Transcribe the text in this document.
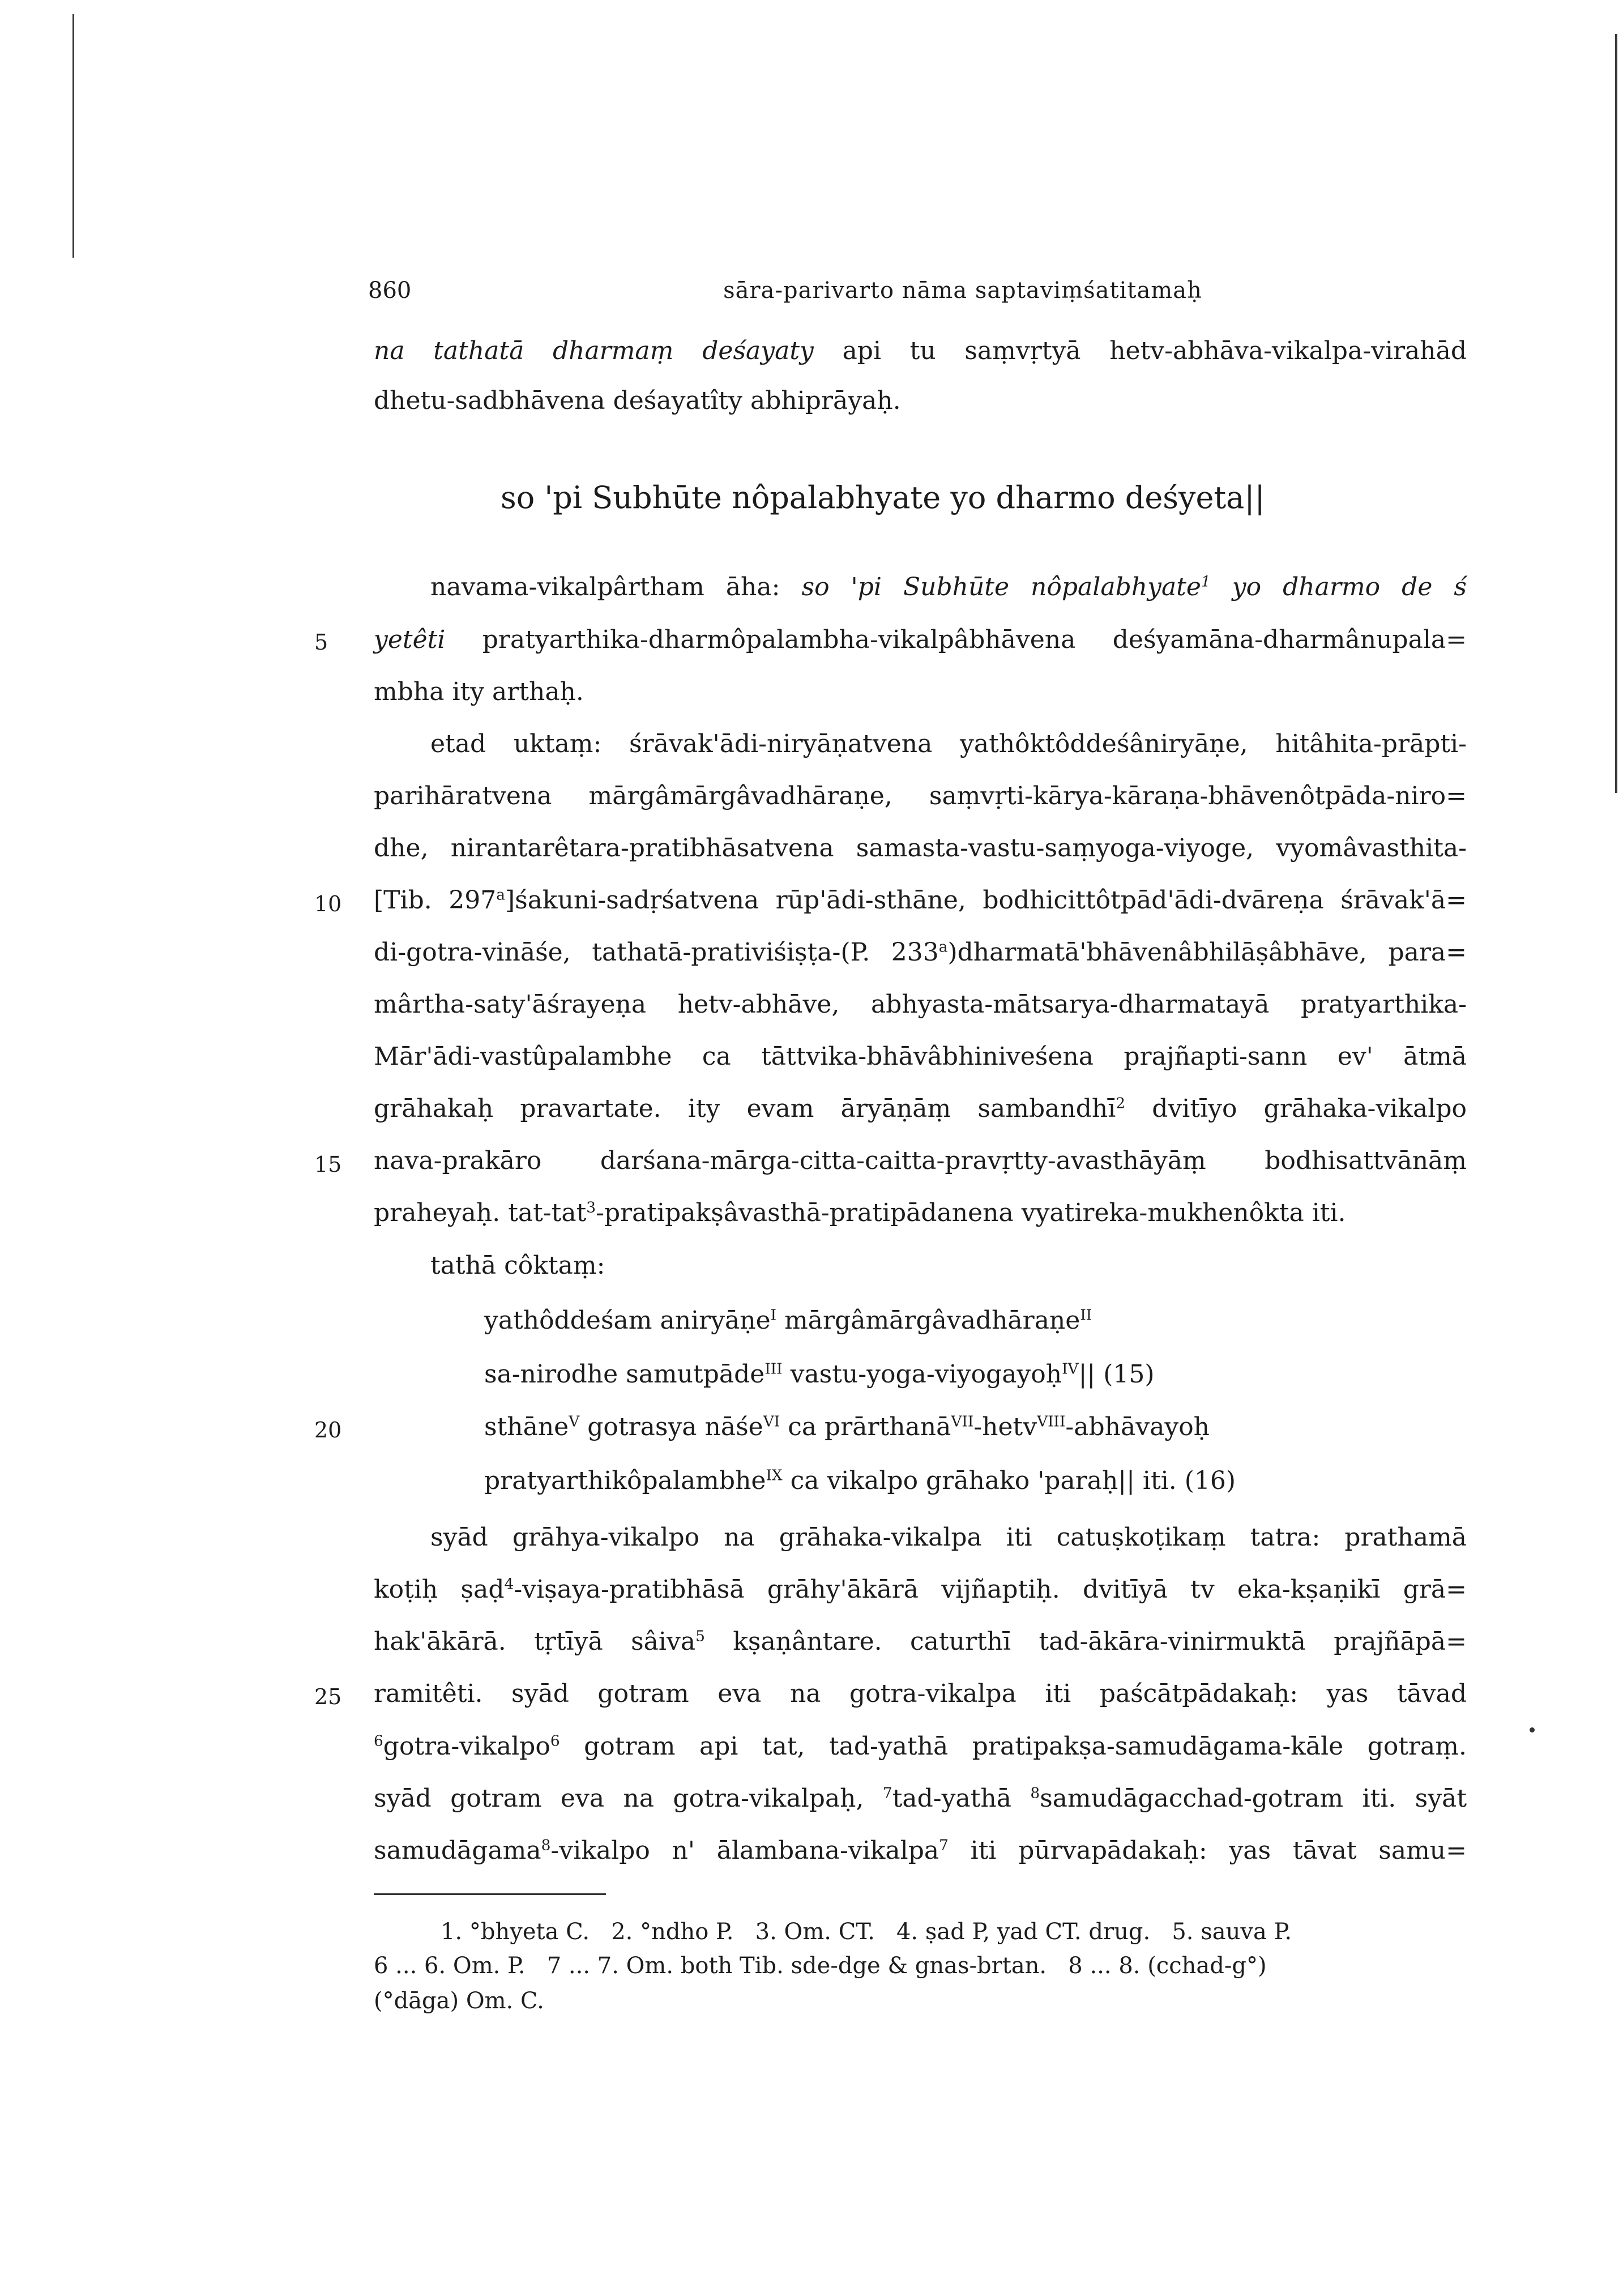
860	sāra-parivarto nāma saptaviṃśatitamaḥ
na tathatā dharmaṃ deśayaty api tu saṃvṛtyā hetv-abhāva-vikalpa-virahād
dhetu-sadbhāvena deśayatîty abhiprāyaḥ.
so 'pi Subhūte nôpalabhyate yo dharmo deśyeta||
navama-vikalpârtham āha: so 'pi Subhūte nôpalabhyate$^1$ yo dharmo de ś
yetêti pratyarthika-dharmôpalambha-vikalpâbhāvena deśyamāna-dharmânupala=
mbha ity arthaḥ.
etad uktaṃ: śrāvak'ādi-niryāṇatvena yathôktôddeśâniryāṇe, hitâhita-prāpti-
parihāratvena mārgâmārgâvadhāraṇe, saṃvṛti-kārya-kāraṇa-bhāvenôtpāda-niro=
dhe, nirantarêtara-pratibhāsatvena samasta-vastu-saṃyoga-viyoge, vyomâvasthita-
[Tib. 297$^a$]śakuni-sadṛśatvena rūp'ādi-sthāne, bodhicittôtpād'ādi-dvāreṇa śrāvak'ā=
di-gotra-vināśe, tathatā-prativiśiṣṭa-(P. 233$^a$)dharmatā'bhāvenâbhilāṣâbhāve, para=
mârtha-saty'āśrayeṇa hetv-abhāve, abhyasta-mātsarya-dharmatayā pratyarthika-
Mār'ādi-vastûpalambhe ca tāttvika-bhāvâbhiniveśena prajñapti-sann ev' ātmā
grāhakaḥ pravartate. ity evam āryāṇāṃ sambandhī$^2$ dvitīyo grāhaka-vikalpo
nava-prakāro darśana-mārga-citta-caitta-pravṛtty-avasthāyāṃ bodhisattvānāṃ
praheyaḥ. tat-tat$^3$-pratipakṣâvasthā-pratipādanena vyatireka-mukhenôkta iti.
tathā côktaṃ:
yathôddeśam aniryāṇe$^I$ mārgâmārgâvadhāraṇe$^{II}$
sa-nirodhe samutpāde$^{III}$ vastu-yoga-viyogayoḥ$^{IV}$|| (15)
sthāne$^V$ gotrasya nāśe$^{VI}$ ca prārthanā$^{VII}$-hetv$^{VIII}$-abhāvayoḥ
pratyarthikôpalambhe$^{IX}$ ca vikalpo grāhako 'paraḥ|| iti. (16)
syād grāhya-vikalpo na grāhaka-vikalpa iti catuṣkoṭikaṃ tatra: prathamā
koṭiḥ ṣaḍ$^4$-viṣaya-pratibhāsā grāhy'ākārā vijñaptiḥ. dvitīyā tv eka-kṣaṇikī grā=
hak'ākārā. tṛtīyā sâiva$^5$ kṣaṇântare. caturthī tad-ākāra-vinirmuktā prajñāpā=
ramitêti. syād gotram eva na gotra-vikalpa iti paścātpādakaḥ: yas tāvad
$^6$gotra-vikalpo$^6$ gotram api tat, tad-yathā pratipakṣa-samudāgama-kāle gotraṃ.
syād gotram eva na gotra-vikalpaḥ, $^7$tad-yathā $^8$samudāgacchad-gotram iti. syāt
samudāgama$^8$-vikalpo n' ālambana-vikalpa$^7$ iti pūrvapādakaḥ: yas tāvat samu=
5
10
15
20
25
1. °bhyeta C.   2. °ndho P.   3. Om. CT.   4. ṣad P, yad CT. drug.   5. sauva P.
6 ... 6. Om. P.   7 ... 7. Om. both Tib. sde-dge & gnas-brtan.   8 ... 8. (cchad-g°)
(°dāga) Om. C.
